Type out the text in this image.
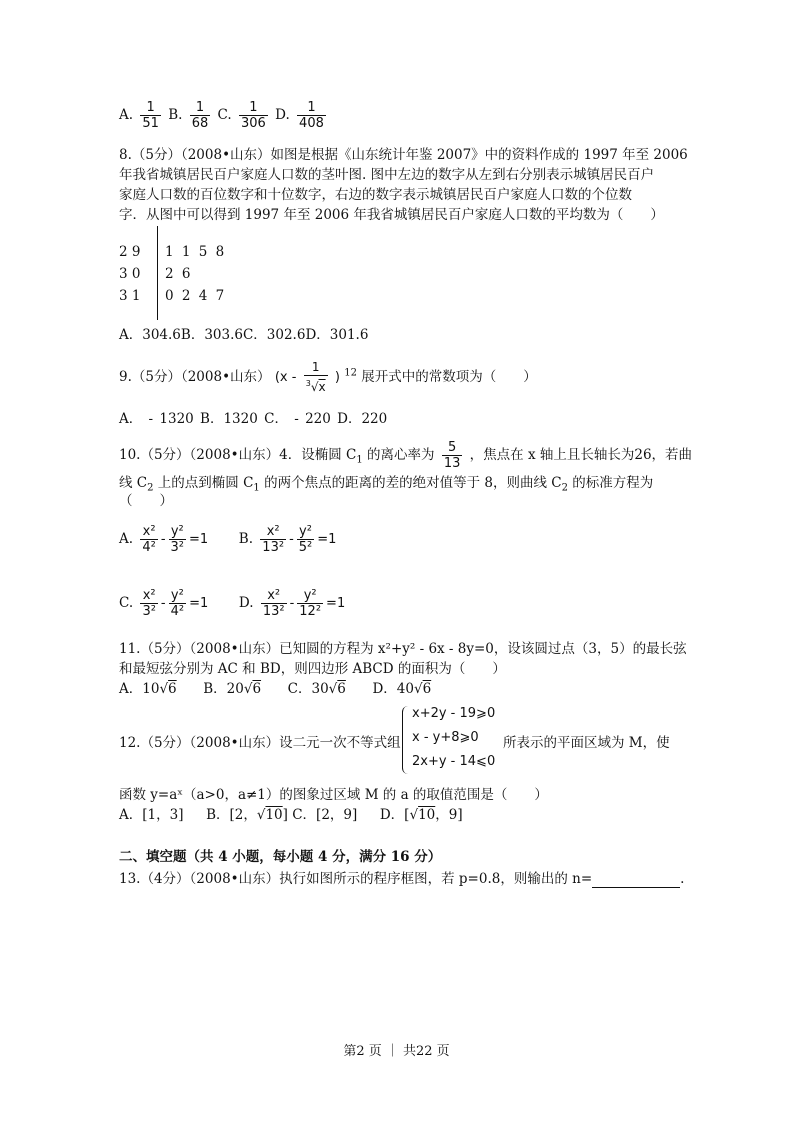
A. $\frac{1}{51} B$. $\frac{1}{68} C$. $\frac{1}{306} D$. $\frac{1}{408}$
8.（5分）（2008•山东）如图是根据《山东统计年鉴 2007》中的资料作成的 1997 年至 2006
年我省城镇居民百户家庭人口数的茎叶图. 图中左边的数字从左到右分别表示城镇居民百户
家庭人口数的百位数字和十位数字，右边的数字表示城镇居民百户家庭人口数的个位数
字．从图中可以得到 1997 年至 2006 年我省城镇居民百户家庭人口数的平均数为（　　）
2 9 1 1 5 8
3 0 2 6
3 1 0 2 4 7
A．304.6B．303.6C．302.6D．301.6
9.（5分）（2008•山东） ($x - \frac{1}{^3√x}$ ) $^{12}$ 展开式中的常数项为（　　）
A． - 1320 B．1320 C． - 220 D．220
10.（5分）（2008•山东）4．设椭圆 $C_1$ 的离心率为 $\frac{5}{13}$ ，焦点在 x 轴上且长轴长为26，若曲
线 $C_2$ 上的点到椭圆 $C_1$ 的两个焦点的距离的差的绝对值等于 8，则曲线 $C_2$ 的标准方程为
（　　）
A. $\frac{\text{x²}}{\text{4²}} - \frac{\text{y²}}{\text{3²}} =1$ B. $\frac{\text{x²}}{\text{13²}} - \frac{\text{y²}}{\text{5²}} =1$
C. $\frac{\text{x²}}{\text{3²}} - \frac{\text{y²}}{\text{4²}} =1$ D. $\frac{\text{x²}}{\text{13²}} - \frac{\text{y²}}{\text{12²}} =1$
11.（5分）（2008•山东）已知圆的方程为 x²+y² - 6x - 8y=0，设该圆过点（3，5）的最长弦
和最短弦分别为 AC 和 BD，则四边形 ABCD 的面积为（　　）
A．10√6 B．20√6 C．30√6 D．40√6
12.（5分）（2008•山东）设二元一次不等式组
x+2y - 19⩾0
x - y+8⩾0
2x+y - 14⩽0
所表示的平面区域为 M，使
函数 y=aˣ（a>0，a≠1）的图象过区域 M 的 a 的取值范围是（　　）
A．[1，3] B．[2，√10] C．[2，9] D．[√10，9]
二、填空题（共 4 小题，每小题 4 分，满分 16 分）
13.（4分）（2008•山东）执行如图所示的程序框图，若 p=0.8，则输出的 n=	.
第2 页 ｜ 共22 页
